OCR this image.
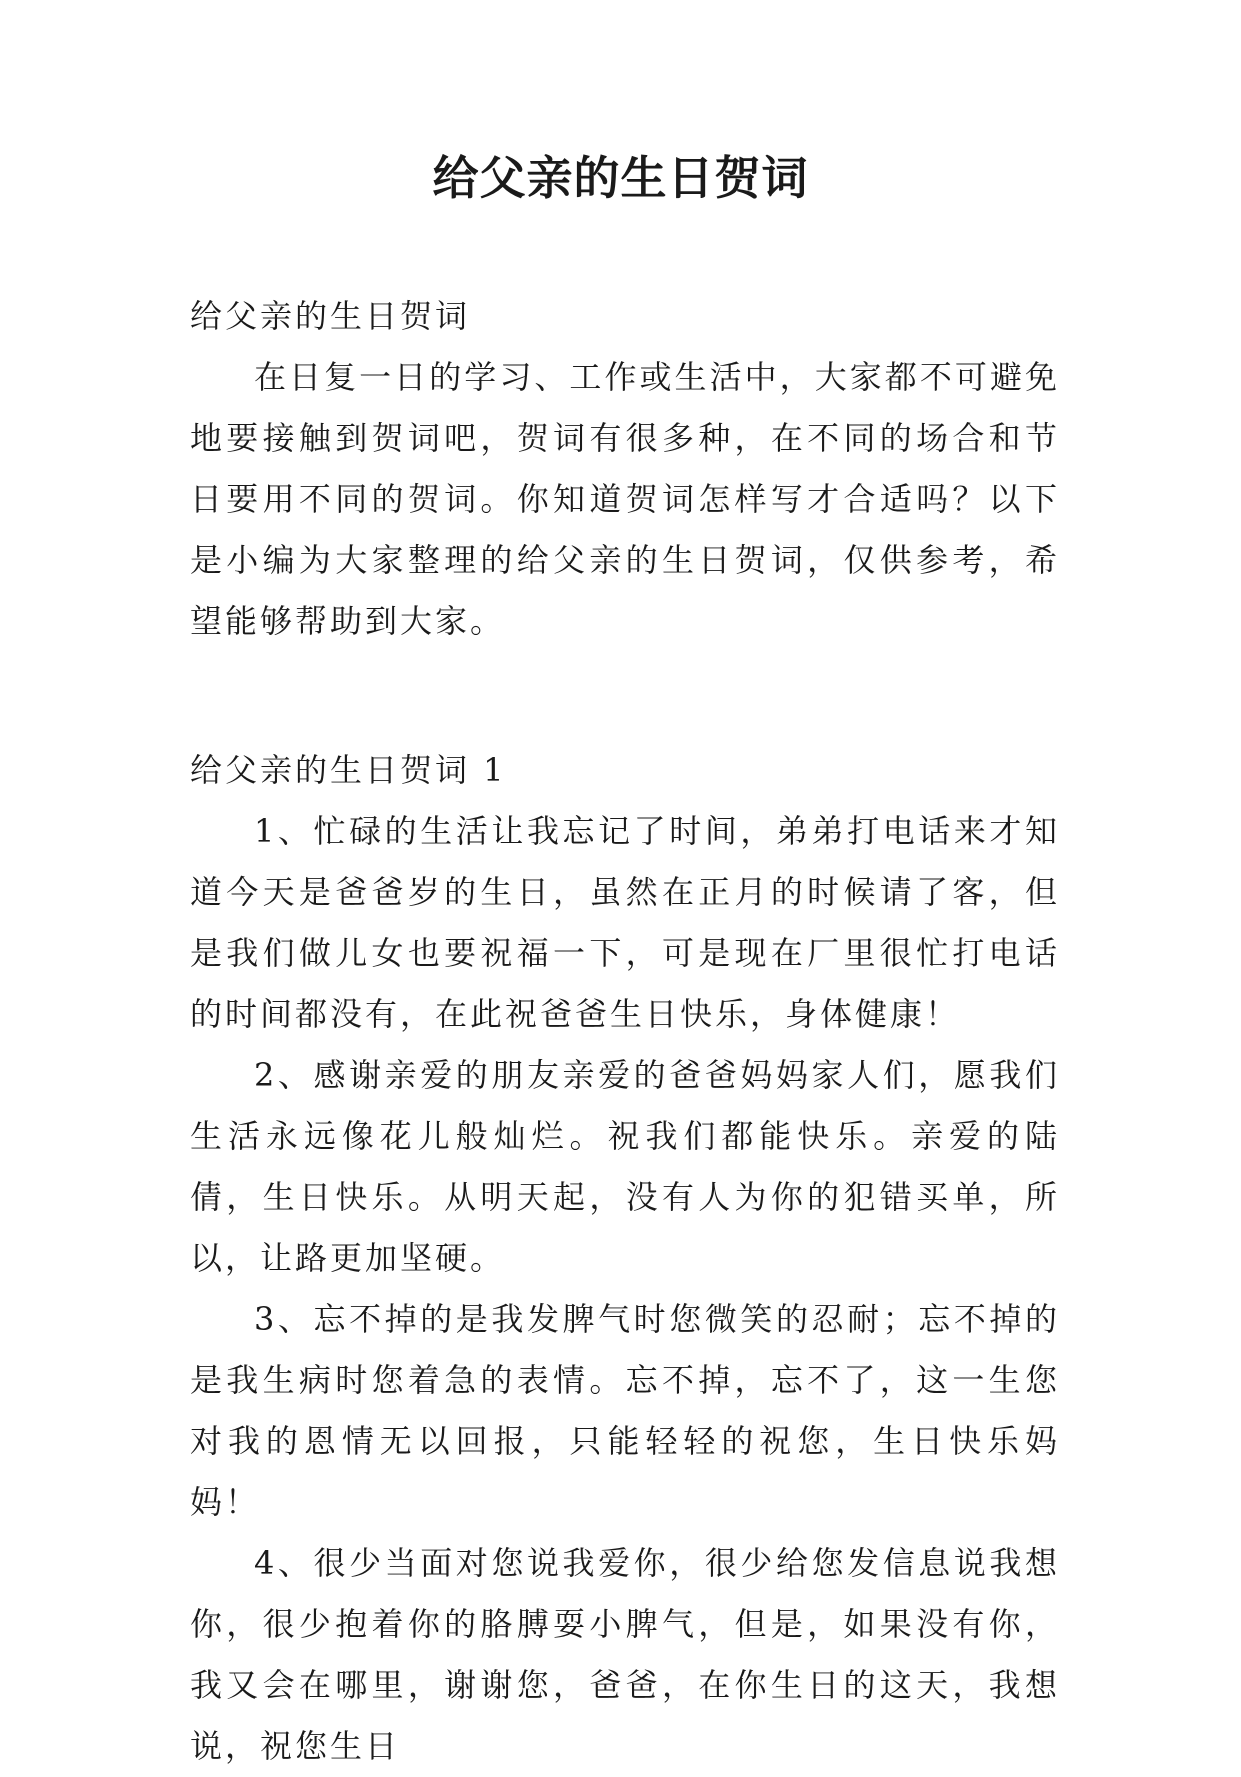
给父亲的生日贺词

给父亲的生日贺词

在日复一日的学习、工作或生活中，大家都不可避免地要接触到贺词吧，贺词有很多种，在不同的场合和节日要用不同的贺词。你知道贺词怎样写才合适吗？以下是小编为大家整理的给父亲的生日贺词，仅供参考，希望能够帮助到大家。

给父亲的生日贺词 1

1、忙碌的生活让我忘记了时间，弟弟打电话来才知道今天是爸爸岁的生日，虽然在正月的时候请了客，但是我们做儿女也要祝福一下，可是现在厂里很忙打电话的时间都没有，在此祝爸爸生日快乐，身体健康！

2、感谢亲爱的朋友亲爱的爸爸妈妈家人们，愿我们生活永远像花儿般灿烂。祝我们都能快乐。亲爱的陆倩，生日快乐。从明天起，没有人为你的犯错买单，所以，让路更加坚硬。

3、忘不掉的是我发脾气时您微笑的忍耐；忘不掉的是我生病时您着急的表情。忘不掉，忘不了，这一生您对我的恩情无以回报，只能轻轻的祝您，生日快乐妈妈！

4、很少当面对您说我爱你，很少给您发信息说我想你，很少抱着你的胳膊耍小脾气，但是，如果没有你，我又会在哪里，谢谢您，爸爸，在你生日的这天，我想说，祝您生日
